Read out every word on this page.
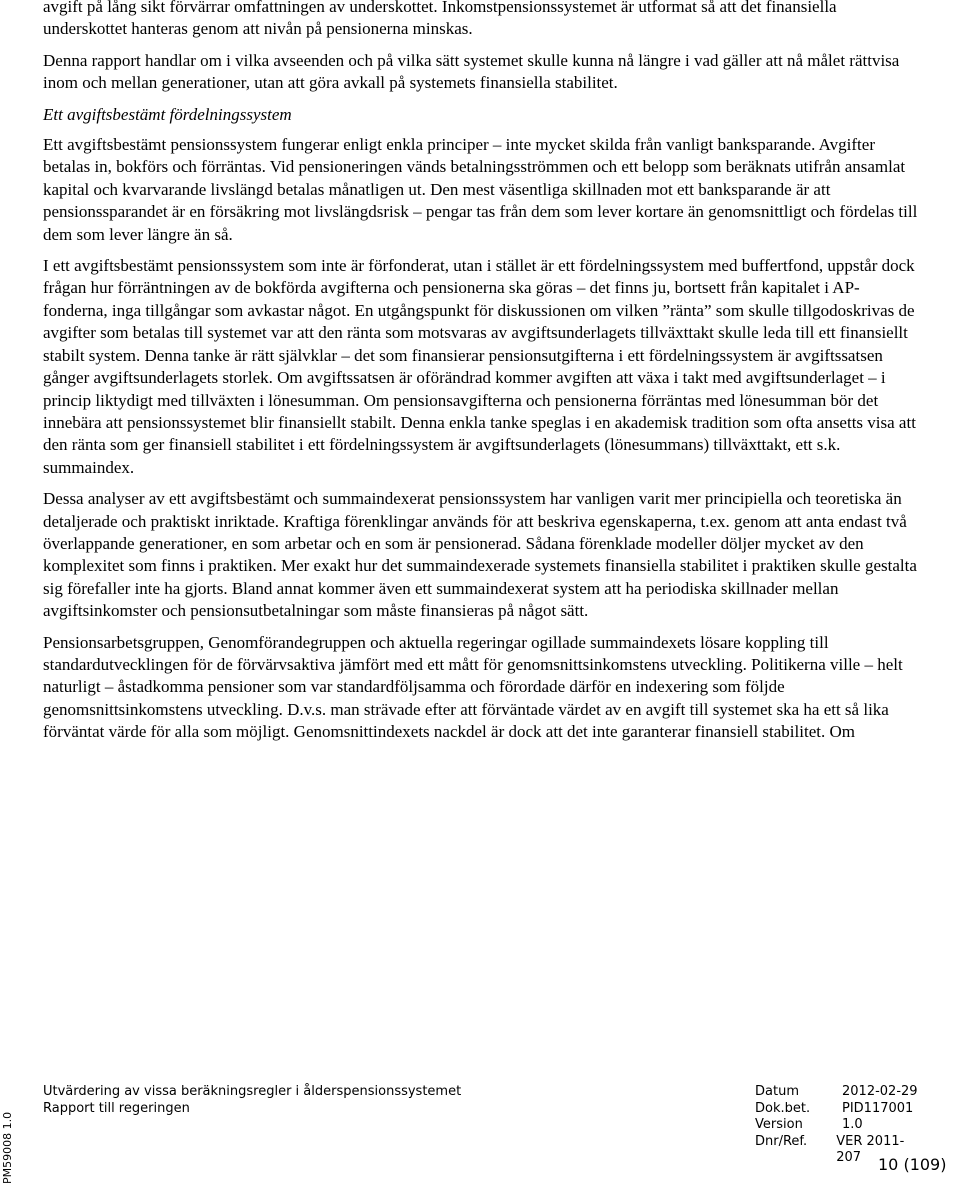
avgift på lång sikt förvärrar omfattningen av underskottet. Inkomstpensionssystemet är utformat så att det finansiella underskottet hanteras genom att nivån på pensionerna minskas.

Denna rapport handlar om i vilka avseenden och på vilka sätt systemet skulle kunna nå längre i vad gäller att nå målet rättvisa inom och mellan generationer, utan att göra avkall på systemets finansiella stabilitet.

Ett avgiftsbestämt fördelningssystem

Ett avgiftsbestämt pensionssystem fungerar enligt enkla principer – inte mycket skilda från vanligt banksparande. Avgifter betalas in, bokförs och förräntas. Vid pensioneringen vänds betalningsströmmen och ett belopp som beräknats utifrån ansamlat kapital och kvarvarande livslängd betalas månatligen ut. Den mest väsentliga skillnaden mot ett banksparande är att pensionssparandet är en försäkring mot livslängdsrisk – pengar tas från dem som lever kortare än genomsnittligt och fördelas till dem som lever längre än så.

I ett avgiftsbestämt pensionssystem som inte är förfonderat, utan i stället är ett fördelningssystem med buffertfond, uppstår dock frågan hur förräntningen av de bokförda avgifterna och pensionerna ska göras – det finns ju, bortsett från kapitalet i AP-fonderna, inga tillgångar som avkastar något. En utgångspunkt för diskussionen om vilken ”ränta” som skulle tillgodoskrivas de avgifter som betalas till systemet var att den ränta som motsvaras av avgiftsunderlagets tillväxttakt skulle leda till ett finansiellt stabilt system. Denna tanke är rätt självklar – det som finansierar pensionsutgifterna i ett fördelningssystem är avgiftssatsen gånger avgiftsunderlagets storlek. Om avgiftssatsen är oförändrad kommer avgiften att växa i takt med avgiftsunderlaget – i princip liktydigt med tillväxten i lönesumman. Om pensionsavgifterna och pensionerna förräntas med lönesumman bör det innebära att pensionssystemet blir finansiellt stabilt. Denna enkla tanke speglas i en akademisk tradition som ofta ansetts visa att den ränta som ger finansiell stabilitet i ett fördelningssystem är avgiftsunderlagets (lönesummans) tillväxttakt, ett s.k. summaindex.

Dessa analyser av ett avgiftsbestämt och summaindexerat pensionssystem har vanligen varit mer principiella och teoretiska än detaljerade och praktiskt inriktade. Kraftiga förenklingar används för att beskriva egenskaperna, t.ex. genom att anta endast två överlappande generationer, en som arbetar och en som är pensionerad. Sådana förenklade modeller döljer mycket av den komplexitet som finns i praktiken. Mer exakt hur det summaindexerade systemets finansiella stabilitet i praktiken skulle gestalta sig förefaller inte ha gjorts. Bland annat kommer även ett summaindexerat system att ha periodiska skillnader mellan avgiftsinkomster och pensionsutbetalningar som måste finansieras på något sätt.

Pensionsarbetsgruppen, Genomförandegruppen och aktuella regeringar ogillade summaindexets lösare koppling till standardutvecklingen för de förvärvsaktiva jämfört med ett mått för genomsnittsinkomstens utveckling. Politikerna ville – helt naturligt – åstadkomma pensioner som var standardföljsamma och förordade därför en indexering som följde genomsnittsinkomstens utveckling. D.v.s. man strävade efter att förväntade värdet av en avgift till systemet ska ha ett så lika förväntat värde för alla som möjligt. Genomsnittindexets nackdel är dock att det inte garanterar finansiell stabilitet. Om

Utvärdering av vissa beräkningsregler i ålderspensionssystemet
Rapport till regeringen
Datum	2012-02-29
Dok.bet.	PID117001
Version	1.0
Dnr/Ref.	VER 2011-207	10 (109)
PM59008 1.0
